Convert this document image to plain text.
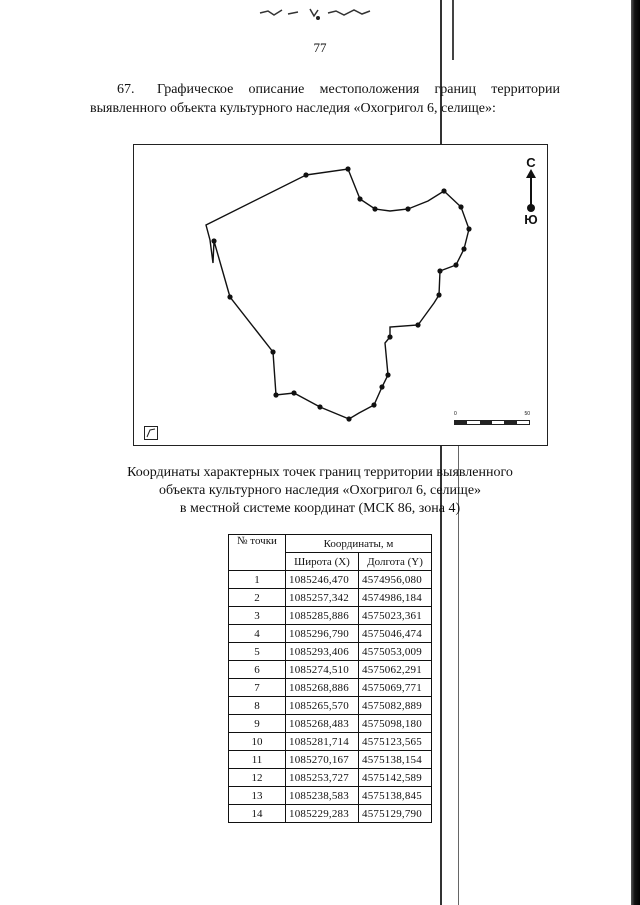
77
67. Графическое описание местоположения границ территории
выявленного объекта культурного наследия «Охогригол 6, селище»:
С
Ю
0	50
Координаты характерных точек границ территории выявленного
объекта культурного наследия «Охогригол 6, селище»
в местной системе координат (МСК 86, зона 4)
№ точки	Координаты, м	
	Широта (X)	Долгота (Y)
1	1085246,470	4574956,080
2	1085257,342	4574986,184
3	1085285,886	4575023,361
4	1085296,790	4575046,474
5	1085293,406	4575053,009
6	1085274,510	4575062,291
7	1085268,886	4575069,771
8	1085265,570	4575082,889
9	1085268,483	4575098,180
10	1085281,714	4575123,565
11	1085270,167	4575138,154
12	1085253,727	4575142,589
13	1085238,583	4575138,845
14	1085229,283	4575129,790
